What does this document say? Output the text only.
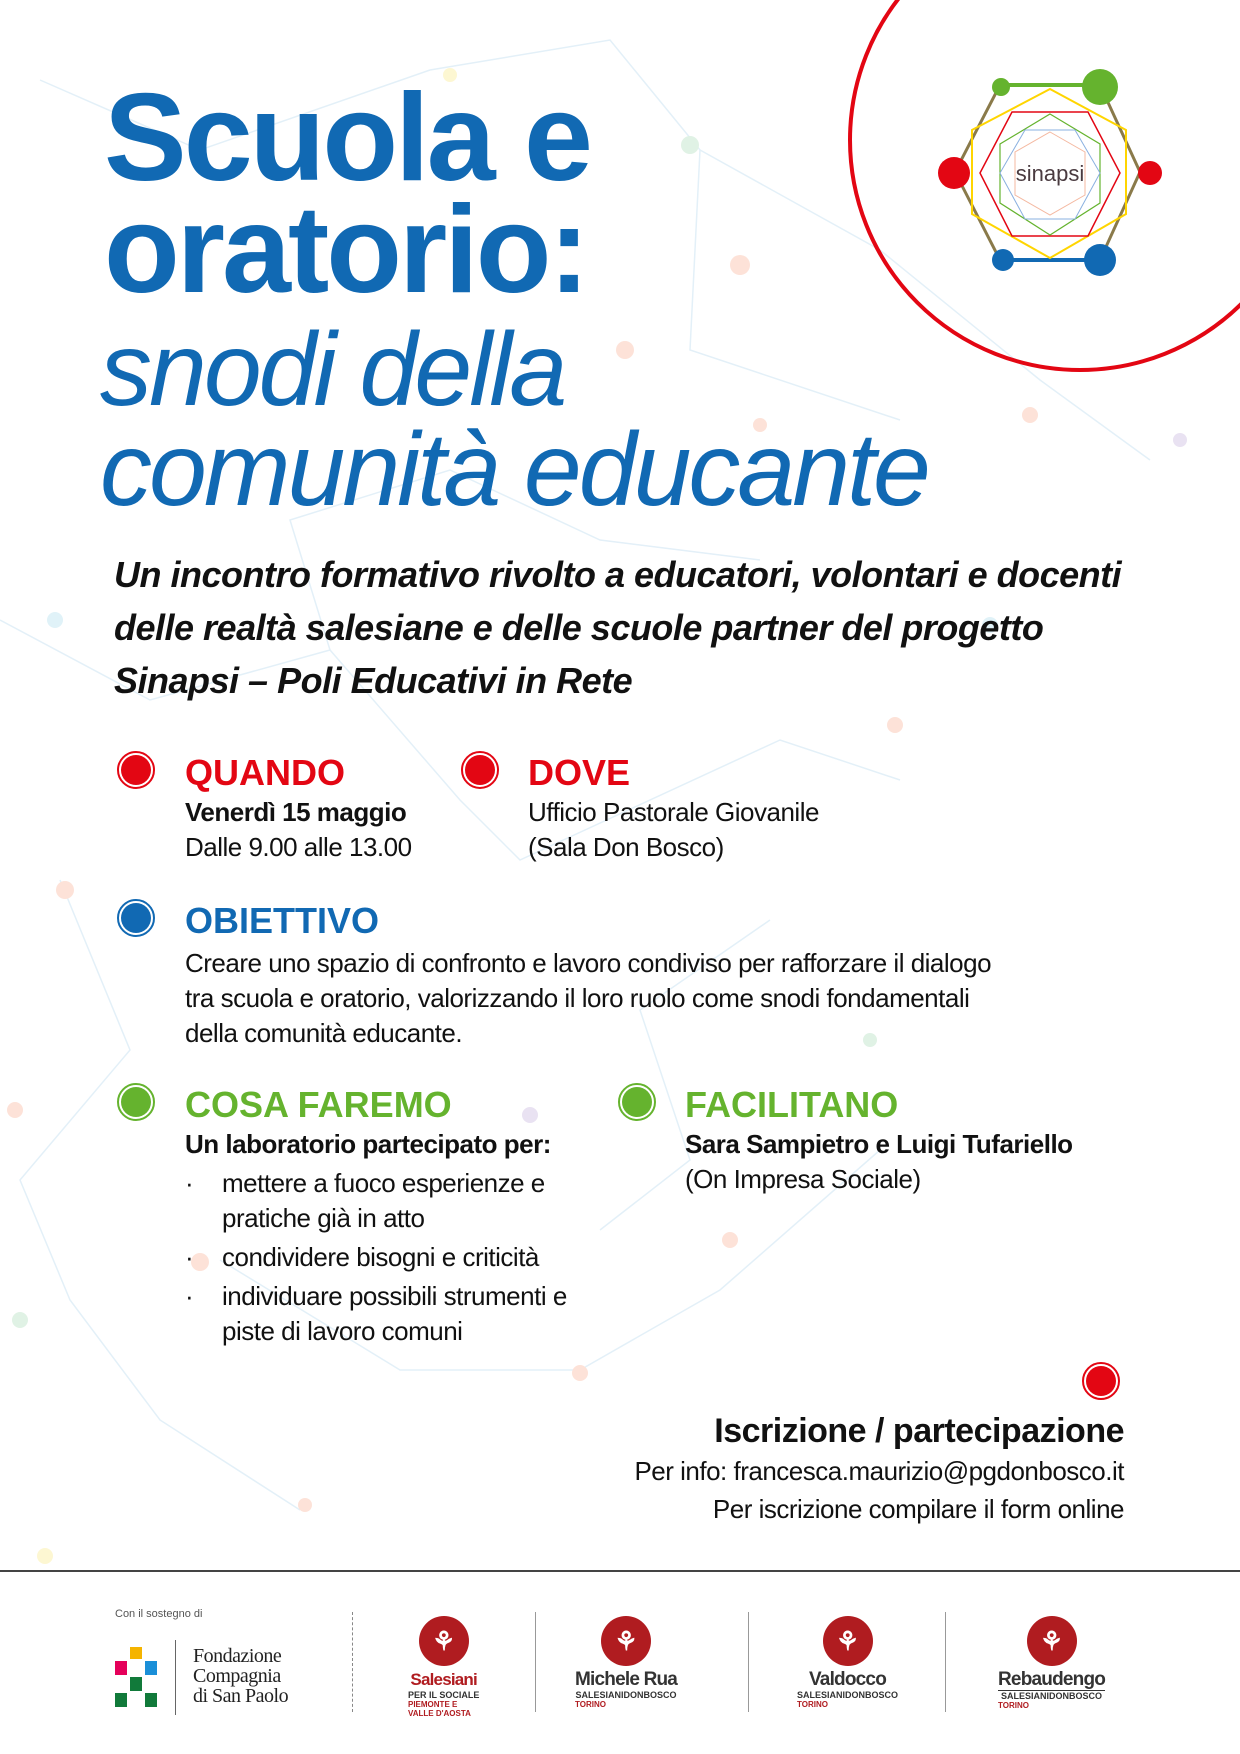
sinapsi
Scuola e
oratorio:
snodi della
comunità educante
Un incontro formativo rivolto a educatori, volontari e docenti delle realtà salesiane e delle scuole partner del progetto Sinapsi – Poli Educativi in Rete
QUANDO
Venerdì 15 maggio
Dalle 9.00 alle 13.00
DOVE
Ufficio Pastorale Giovanile
(Sala Don Bosco)
OBIETTIVO
Creare uno spazio di confronto e lavoro condiviso per rafforzare il dialogo tra scuola e oratorio, valorizzando il loro ruolo come snodi fondamentali della comunità educante.
COSA FAREMO
Un laboratorio partecipato per:
· mettere a fuoco esperienze e pratiche già in atto
· condividere bisogni e criticità
· individuare possibili strumenti e piste di lavoro comuni
FACILITANO
Sara Sampietro e Luigi Tufariello
(On Impresa Sociale)
Iscrizione / partecipazione
Per info: francesca.maurizio@pgdonbosco.it
Per iscrizione compilare il form online
Con il sostegno di
Fondazione
Compagnia
di San Paolo
⚘
Salesiani
PER IL SOCIALE
PIEMONTE E VALLE D'AOSTA
⚘
Michele Rua
SALESIANIDONBOSCO
TORINO
⚘
Valdocco
SALESIANIDONBOSCO
TORINO
⚘
Rebaudengo
SALESIANIDONBOSCO
TORINO
